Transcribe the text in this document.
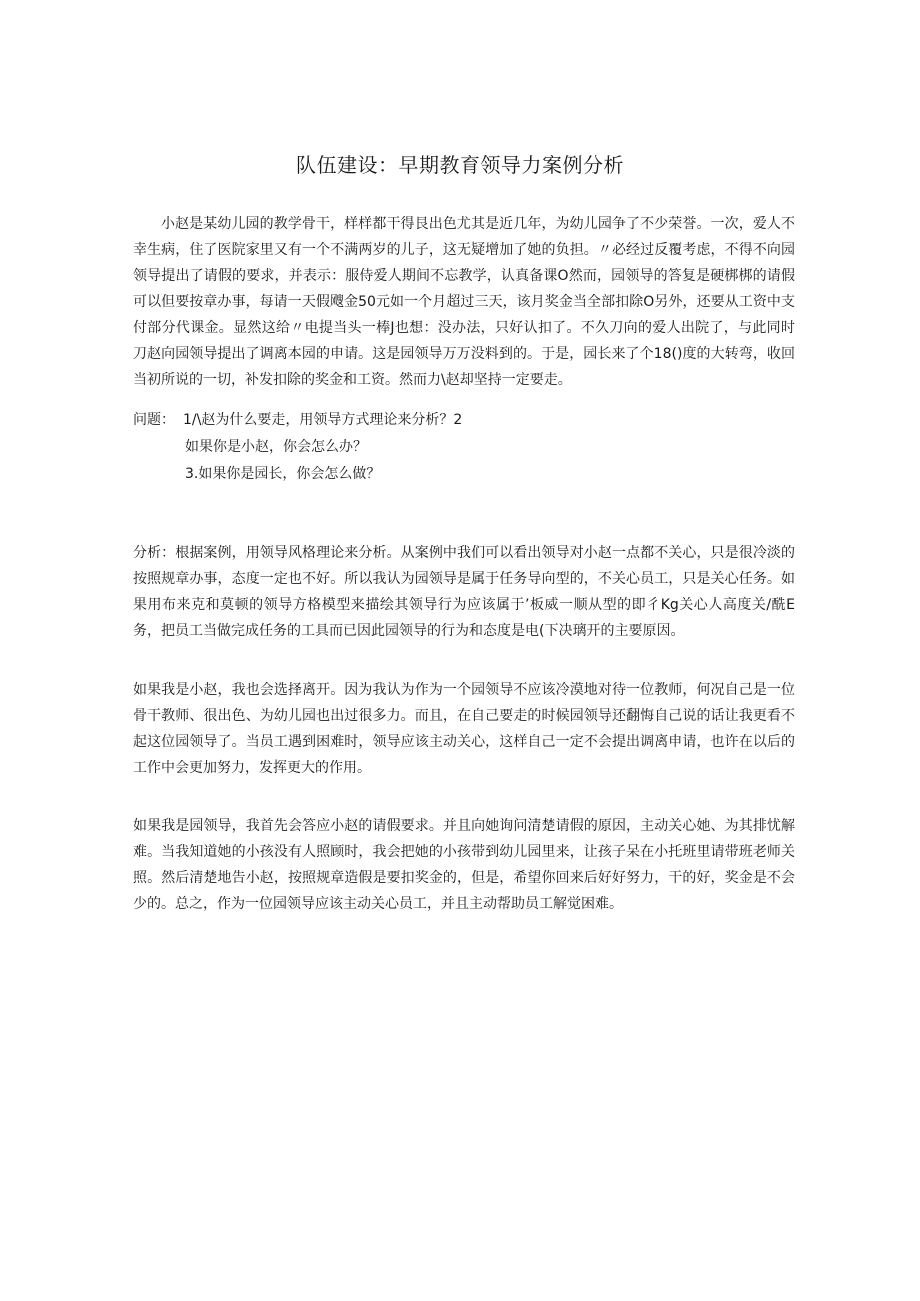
队伍建设：早期教育领导力案例分析
小赵是某幼儿园的教学骨干，样样都干得艮出色尤其是近几年，为幼儿园争了不少荣誉。一次，爱人不幸生病，住了医院家里又有一个不满两岁的儿子，这无疑增加了她的负担。〃必经过反覆考虑，不得不向园领导提出了请假的要求，并表示：服侍爱人期间不忘教学，认真备课O然而，园领导的答复是硬梆梆的请假可以但要按章办事，每请一天假飕金50元如一个月超过三天，该月奖金当全部扣除O另外，还要从工资中支付部分代课金。显然这给〃电提当头一棒J也想：没办法，只好认扣了。不久刀向的爱人出院了，与此同时刀赵向园领导提出了调离本园的申请。这是园领导万万没料到的。于是，园长来了个18()度的大转弯，收回当初所说的一切，补发扣除的奖金和工资。然而力\赵却坚持一定要走。
问题： 1/\赵为什么要走，用领导方式理论来分析？2
如果你是小赵，你会怎么办？
3.如果你是园长，你会怎么做？
分析：根据案例，用领导风格理论来分析。从案例中我们可以看出领导对小赵一点都不关心，只是很冷淡的按照规章办事，态度一定也不好。所以我认为园领导是属于任务导向型的，不关心员工，只是关心任务。如果用布来克和莫顿的领导方格模型来描绘其领导行为应该属于’板威一顺从型的即彳Kg关心人高度关/酰E务，把员工当做完成任务的工具而已因此园领导的行为和态度是电(下决璃开的主要原因。
如果我是小赵，我也会选择离开。因为我认为作为一个园领导不应该冷漠地对待一位教师，何况自己是一位骨干教师、很出色、为幼儿园也出过很多力。而且，在自己要走的时候园领导还翻悔自己说的话让我更看不起这位园领导了。当员工遇到困难时，领导应该主动关心，这样自己一定不会提出调离申请，也许在以后的工作中会更加努力，发挥更大的作用。
如果我是园领导，我首先会答应小赵的请假要求。并且向她询问清楚请假的原因，主动关心她、为其排忧解难。当我知道她的小孩没有人照顾时，我会把她的小孩带到幼儿园里来，让孩子呆在小托班里请带班老师关照。然后清楚地告小赵，按照规章造假是要扣奖金的，但是，希望你回来后好好努力，干的好，奖金是不会少的。总之，作为一位园领导应该主动关心员工，并且主动帮助员工解觉困难。
